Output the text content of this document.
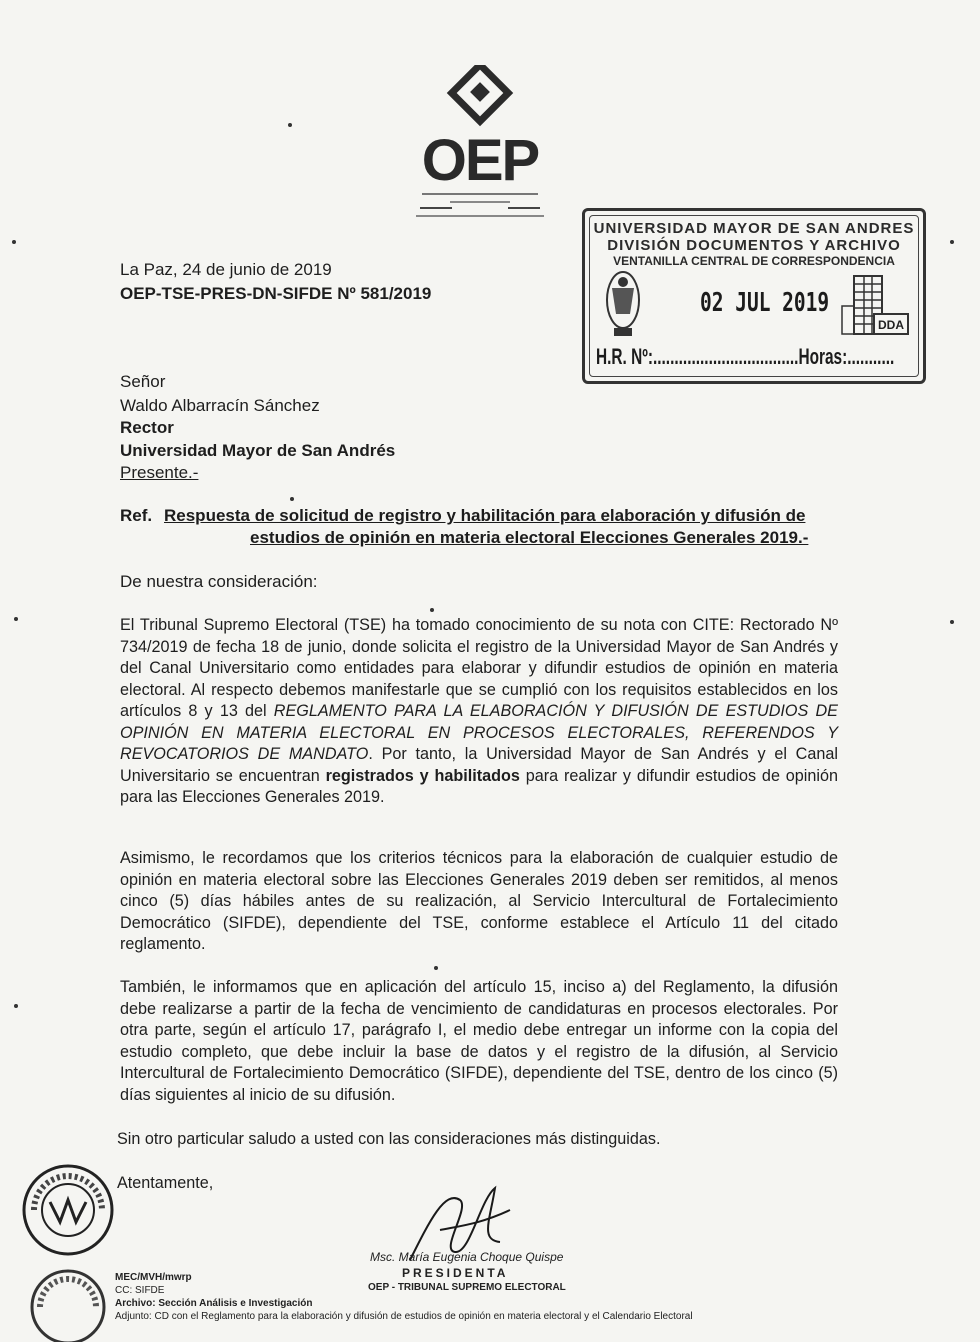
OEP
UNIVERSIDAD MAYOR DE SAN ANDRES
DIVISIÓN DOCUMENTOS Y ARCHIVO
VENTANILLA CENTRAL DE CORRESPONDENCIA
02 JUL 2019
DDA
H.R. Nº:..................................Horas:...........
La Paz, 24 de junio de 2019
OEP-TSE-PRES-DN-SIFDE Nº 581/2019
Señor
Waldo Albarracín Sánchez
Rector
Universidad Mayor de San Andrés
Presente.-
Ref. Respuesta de solicitud de registro y habilitación para elaboración y difusión de
estudios de opinión en materia electoral Elecciones Generales 2019.-
De nuestra consideración:
El Tribunal Supremo Electoral (TSE) ha tomado conocimiento de su nota con CITE: Rectorado Nº 734/2019 de fecha 18 de junio, donde solicita el registro de la Universidad Mayor de San Andrés y del Canal Universitario como entidades para elaborar y difundir estudios de opinión en materia electoral. Al respecto debemos manifestarle que se cumplió con los requisitos establecidos en los artículos 8 y 13 del REGLAMENTO PARA LA ELABORACIÓN Y DIFUSIÓN DE ESTUDIOS DE OPINIÓN EN MATERIA ELECTORAL EN PROCESOS ELECTORALES, REFERENDOS Y REVOCATORIOS DE MANDATO. Por tanto, la Universidad Mayor de San Andrés y el Canal Universitario se encuentran registrados y habilitados para realizar y difundir estudios de opinión para las Elecciones Generales 2019.
Asimismo, le recordamos que los criterios técnicos para la elaboración de cualquier estudio de opinión en materia electoral sobre las Elecciones Generales 2019 deben ser remitidos, al menos cinco (5) días hábiles antes de su realización, al Servicio Intercultural de Fortalecimiento Democrático (SIFDE), dependiente del TSE, conforme establece el Artículo 11 del citado reglamento.
También, le informamos que en aplicación del artículo 15, inciso a) del Reglamento, la difusión debe realizarse a partir de la fecha de vencimiento de candidaturas en procesos electorales. Por otra parte, según el artículo 17, parágrafo I, el medio debe entregar un informe con la copia del estudio completo, que debe incluir la base de datos y el registro de la difusión, al Servicio Intercultural de Fortalecimiento Democrático (SIFDE), dependiente del TSE, dentro de los cinco (5) días siguientes al inicio de su difusión.
Sin otro particular saludo a usted con las consideraciones más distinguidas.
Atentamente,
Msc. María Eugenia Choque Quispe
PRESIDENTA
OEP - TRIBUNAL SUPREMO ELECTORAL
MEC/MVH/mwrp
CC: SIFDE
Archivo: Sección Análisis e Investigación
Adjunto: CD con el Reglamento para la elaboración y difusión de estudios de opinión en materia electoral y el Calendario Electoral
